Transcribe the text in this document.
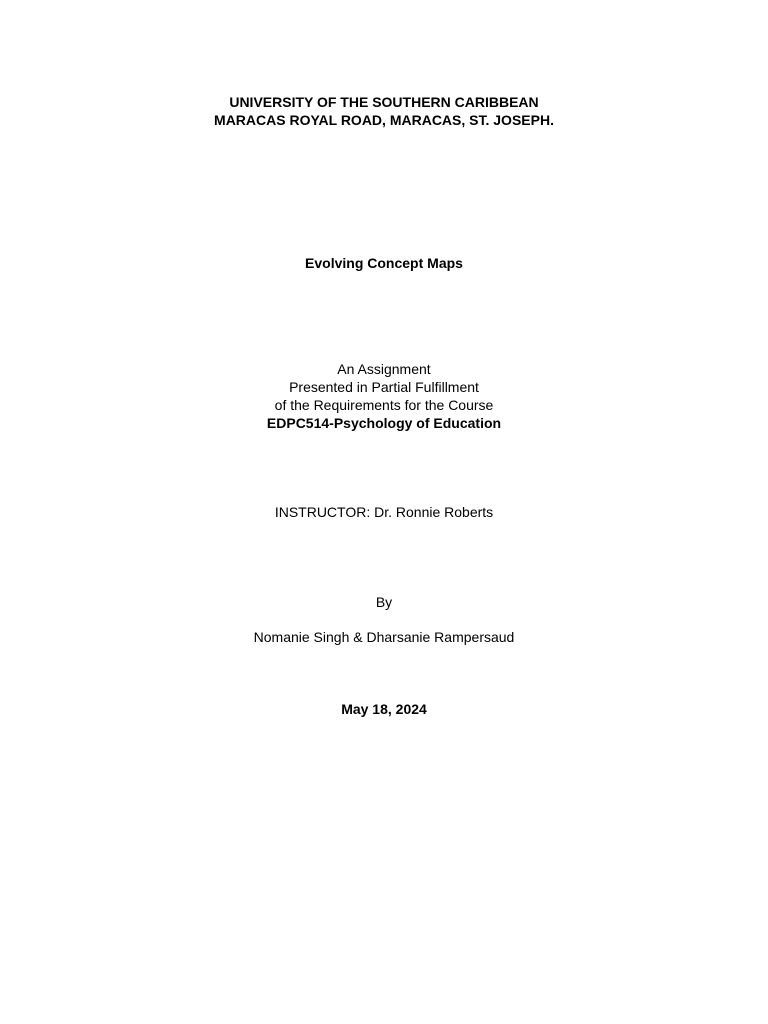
UNIVERSITY OF THE SOUTHERN CARIBBEAN
MARACAS ROYAL ROAD, MARACAS, ST. JOSEPH.
Evolving Concept Maps
An Assignment
Presented in Partial Fulfillment
of the Requirements for the Course
EDPC514-Psychology of Education
INSTRUCTOR: Dr. Ronnie Roberts
By
Nomanie Singh & Dharsanie Rampersaud
May 18, 2024
